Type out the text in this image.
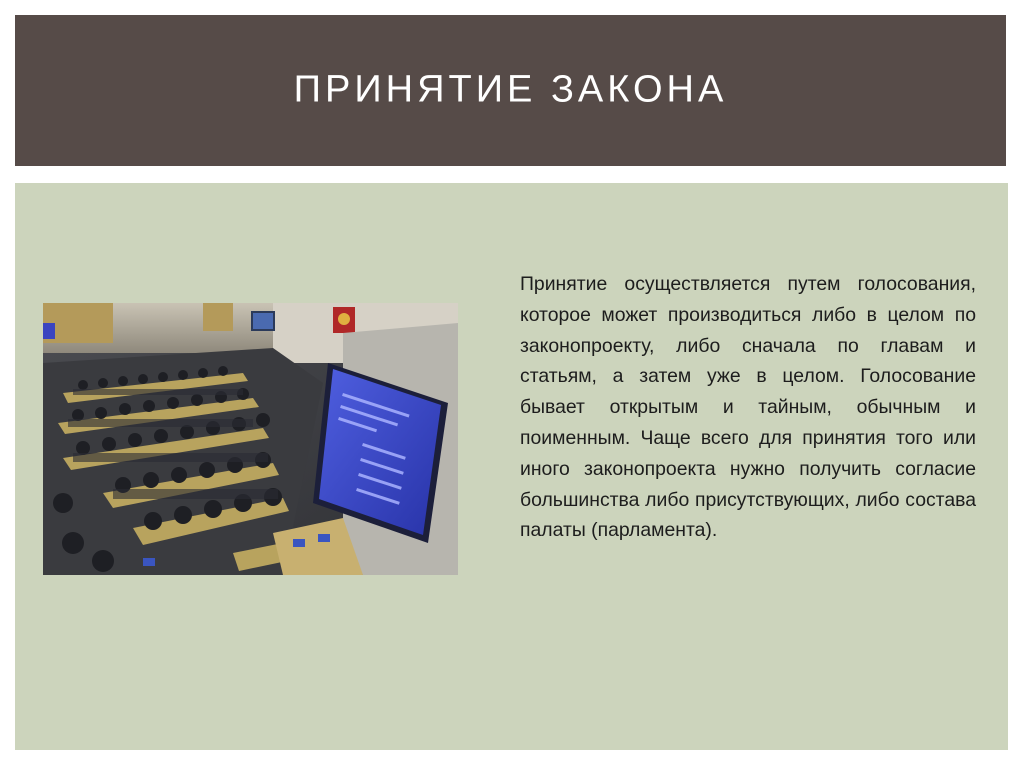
ПРИНЯТИЕ ЗАКОНА

Принятие осуществляется путем голосования, которое может производиться либо в целом по законопроекту, либо сначала по главам и статьям, а затем уже в целом. Голосование бывает открытым и тайным, обычным и поименным. Чаще всего для принятия того или иного законопроекта нужно получить согласие большинства либо присутствующих, либо состава палаты (парламента).
